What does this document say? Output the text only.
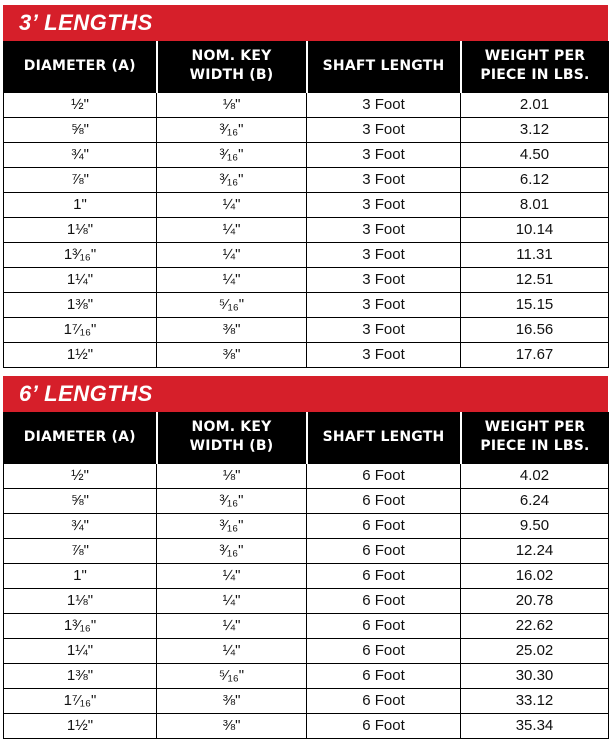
3’ LENGTHS
DIAMETER (A)	NOM. KEY
WIDTH (B)	SHAFT LENGTH	WEIGHT PER
PIECE IN LBS.

½"	⅛"	3 Foot	2.01
⅝"	³⁄₁₆"	3 Foot	3.12
¾"	³⁄₁₆"	3 Foot	4.50
⅞"	³⁄₁₆"	3 Foot	6.12
1"	¼"	3 Foot	8.01
1⅛"	¼"	3 Foot	10.14
1³⁄₁₆"	¼"	3 Foot	11.31
1¼"	¼"	3 Foot	12.51
1⅜"	⁵⁄₁₆"	3 Foot	15.15
1⁷⁄₁₆"	⅜"	3 Foot	16.56
1½"	⅜"	3 Foot	17.67
6’ LENGTHS
DIAMETER (A)	NOM. KEY
WIDTH (B)	SHAFT LENGTH	WEIGHT PER
PIECE IN LBS.

½"	⅛"	6 Foot	4.02
⅝"	³⁄₁₆"	6 Foot	6.24
¾"	³⁄₁₆"	6 Foot	9.50
⅞"	³⁄₁₆"	6 Foot	12.24
1"	¼"	6 Foot	16.02
1⅛"	¼"	6 Foot	20.78
1³⁄₁₆"	¼"	6 Foot	22.62
1¼"	¼"	6 Foot	25.02
1⅜"	⁵⁄₁₆"	6 Foot	30.30
1⁷⁄₁₆"	⅜"	6 Foot	33.12
1½"	⅜"	6 Foot	35.34
